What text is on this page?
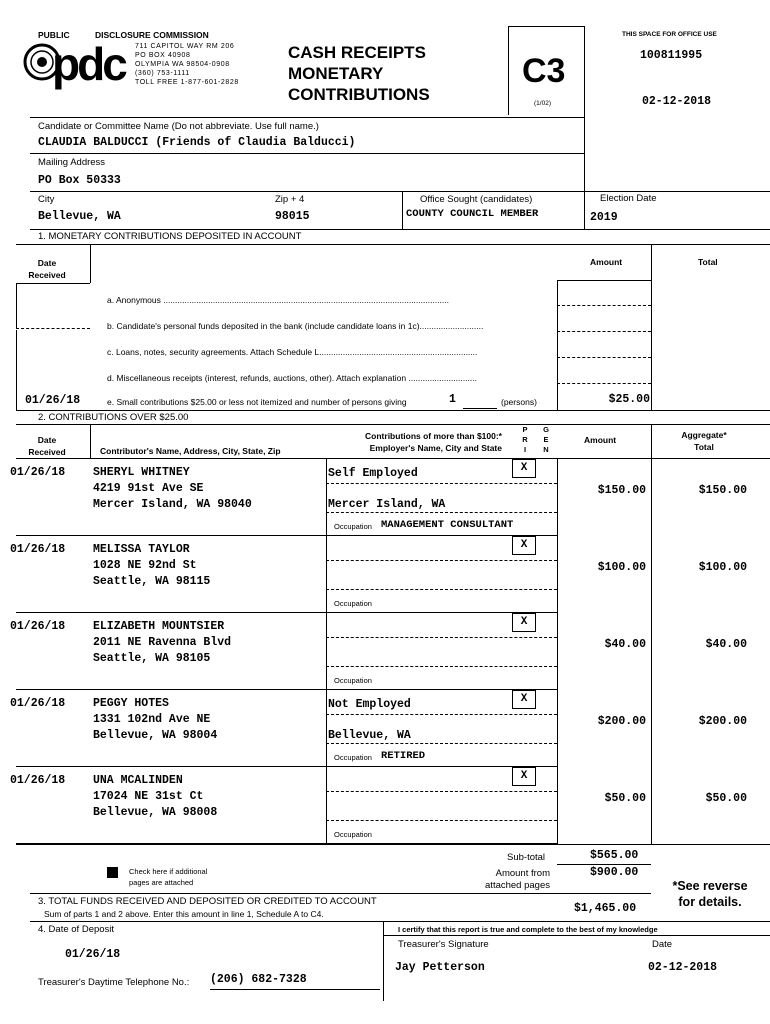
PUBLIC	DISCLOSURE COMMISSION
pdc	711 CAPITOL WAY RM 206
PO BOX 40908
OLYMPIA WA 98504-0908
(360) 753-1111
TOLL FREE 1-877-601-2828
CASH RECEIPTS
MONETARY
CONTRIBUTIONS
C3
(1/02)
THIS SPACE FOR OFFICE USE
100811995
02-12-2018
Candidate or Committee Name (Do not abbreviate. Use full name.)
CLAUDIA BALDUCCI (Friends of Claudia Balducci)
Mailing Address
PO Box 50333
City
Bellevue, WA
Zip + 4
98015
Office Sought (candidates)
COUNTY COUNCIL MEMBER
Election Date
2019
1. MONETARY CONTRIBUTIONS DEPOSITED IN ACCOUNT
Date
Received
Amount	Total
a. Anonymous .........................................................................................................................
b. Candidate's personal funds deposited in the bank (include candidate loans in 1c)...........................
c. Loans, notes, security agreements. Attach Schedule L...................................................................
d. Miscellaneous receipts (interest, refunds, auctions, other). Attach explanation .............................
01/26/18	e. Small contributions $25.00 or less not itemized and number of persons giving	1	(persons)	$25.00
2. CONTRIBUTIONS OVER $25.00
Date
Received	Contributor's Name, Address, City, State, Zip
Contributions of more than $100:*
Employer's Name, City and State
P
R
I
G
E
N
Amount	Aggregate*
Total
01/26/18 SHERYL WHITNEY
4219 91st Ave SE
Mercer Island, WA 98040
Self Employed
Mercer Island, WA
Occupation MANAGEMENT CONSULTANT
X
$150.00	$150.00
01/26/18 MELISSA TAYLOR
1028 NE 92nd St
Seattle, WA 98115
Occupation
X
$100.00	$100.00
01/26/18 ELIZABETH MOUNTSIER
2011 NE Ravenna Blvd
Seattle, WA 98105
Occupation
X
$40.00	$40.00
01/26/18 PEGGY HOTES
1331 102nd Ave NE
Bellevue, WA 98004
Not Employed
Bellevue, WA
Occupation RETIRED
X
$200.00	$200.00
01/26/18 UNA MCALINDEN
17024 NE 31st Ct
Bellevue, WA 98008
Occupation
X
$50.00	$50.00
Check here if additional
pages are attached
Sub-total	$565.00
Amount from
attached pages
$900.00
*See reverse
for details.
3. TOTAL FUNDS RECEIVED AND DEPOSITED OR CREDITED TO ACCOUNT
Sum of parts 1 and 2 above. Enter this amount in line 1, Schedule A to C4.	$1,465.00
4. Date of Deposit
01/26/18
Treasurer's Daytime Telephone No.: (206) 682-7328
I certify that this report is true and complete to the best of my knowledge
Treasurer's Signature	Date
Jay Petterson	02-12-2018
